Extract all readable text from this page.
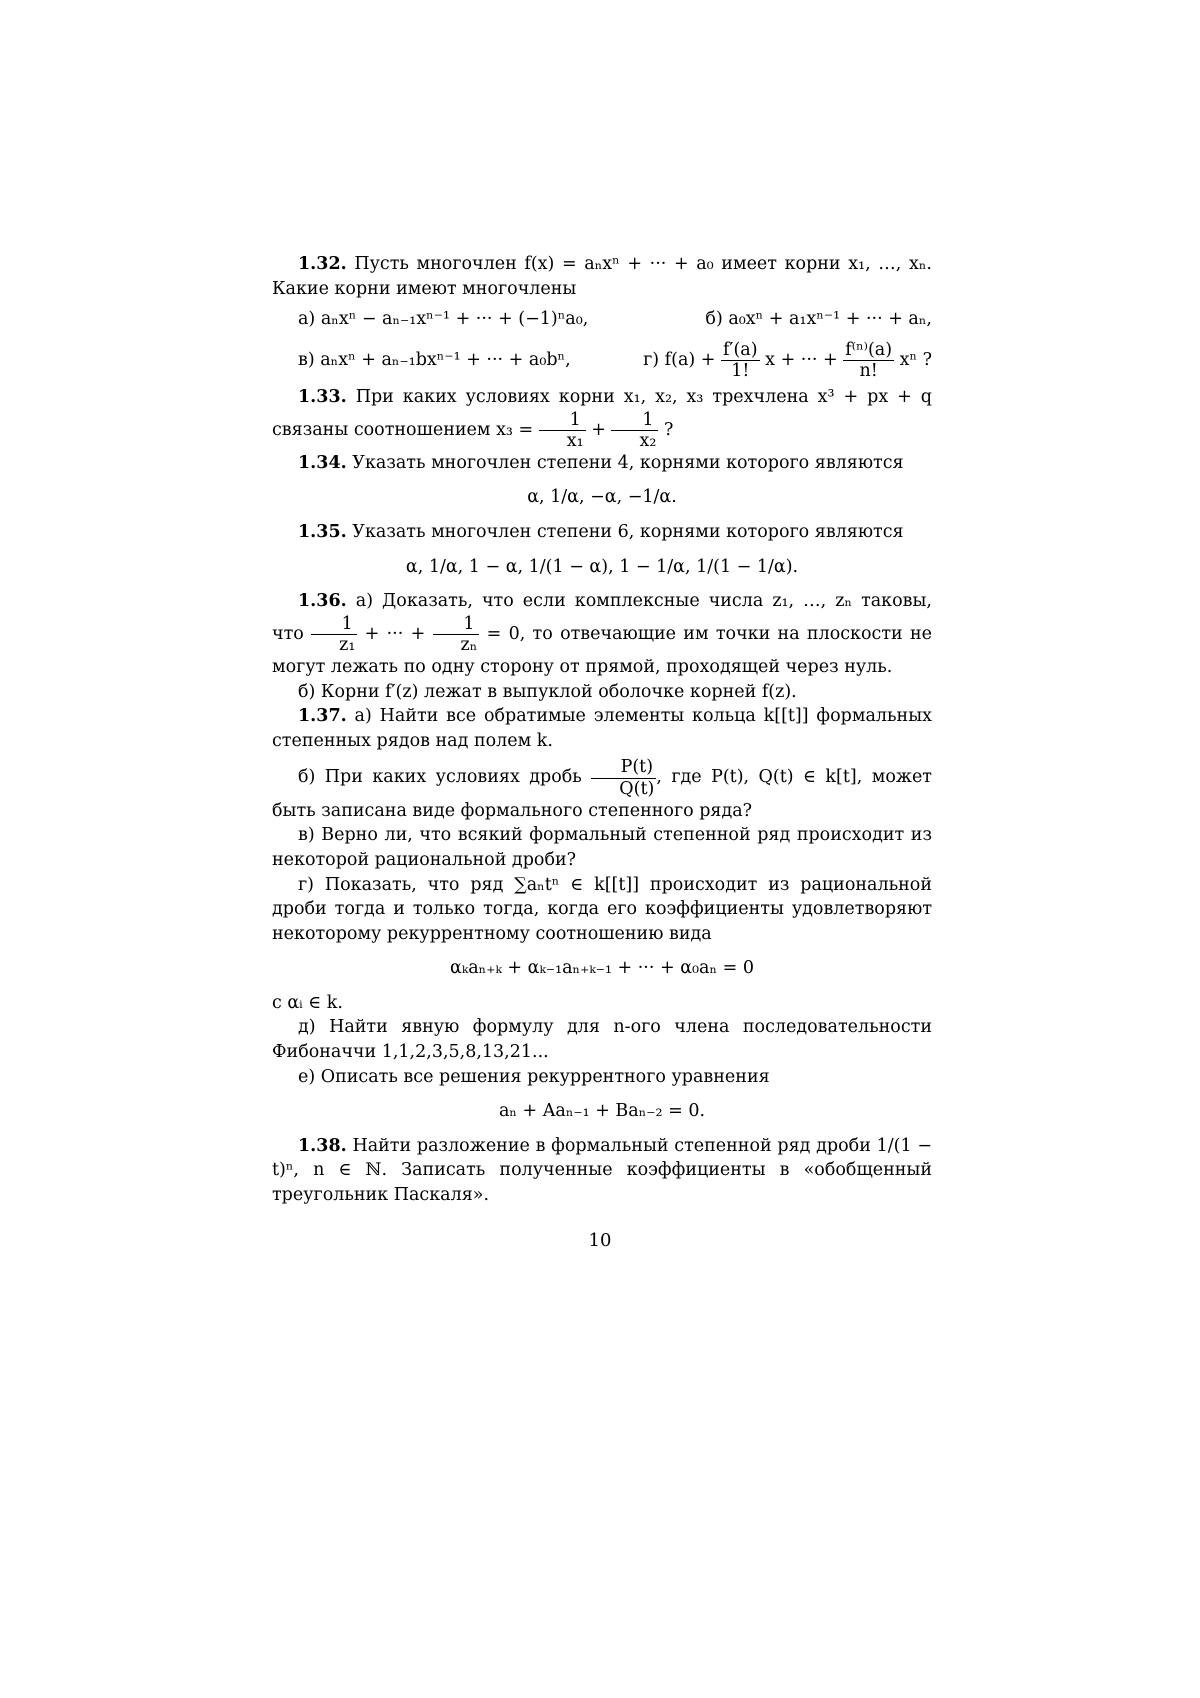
1.32. Пусть многочлен f(x) = aₙxⁿ + ··· + a₀ имеет корни x₁, …, xₙ. Какие корни имеют многочлены

а) aₙxⁿ − aₙ₋₁xⁿ⁻¹ + ··· + (−1)ⁿa₀,	б) a₀xⁿ + a₁xⁿ⁻¹ + ··· + aₙ,
в) aₙxⁿ + aₙ₋₁bxⁿ⁻¹ + ··· + a₀bⁿ,	г) $f(a) + \frac{f'(a)}{1!}$ x + ··· + $\frac{\text{f⁽ⁿ⁾(a)}}{n!}$ xⁿ ?

1.33. При каких условиях корни x₁, x₂, x₃ трехчлена x³ + px + q связаны соотношением $x_3 = \frac{1}{\text{x₁}} + \frac{1}{\text{x₂}}$ ?

1.34. Указать многочлен степени 4, корнями которого являются

α, 1/α, −α, −1/α.

1.35. Указать многочлен степени 6, корнями которого являются

α, 1/α, 1 − α, 1/(1 − α), 1 − 1/α, 1/(1 − 1/α).

1.36. а) Доказать, что если комплексные числа z₁, …, zₙ таковы, что $\frac{1}{\text{z₁}}$ + ··· + $\frac{1}{\text{zₙ}} = 0$, то отвечающие им точки на плоскости не могут лежать по одну сторону от прямой, проходящей через нуль.

б) Корни f′(z) лежат в выпуклой оболочке корней f(z).

1.37. а) Найти все обратимые элементы кольца k[[t]] формальных степенных рядов над полем k.

б) При каких условиях дробь $\frac{P(t)}{Q(t)}$ , где P(t), Q(t) ∈ k[t], может быть записана виде формального степенного ряда?

в) Верно ли, что всякий формальный степенной ряд происходит из некоторой рациональной дроби?

г) Показать, что ряд ∑aₙtⁿ ∈ k[[t]] происходит из рациональной дроби тогда и только тогда, когда его коэффициенты удовлетворяют некоторому рекуррентному соотношению вида

αₖaₙ₊ₖ + αₖ₋₁aₙ₊ₖ₋₁ + ··· + α₀aₙ = 0

с αᵢ ∈ k.

д) Найти явную формулу для n-ого члена последовательности Фибоначчи 1,1,2,3,5,8,13,21...

е) Описать все решения рекуррентного уравнения

aₙ + Aaₙ₋₁ + Baₙ₋₂ = 0.

1.38. Найти разложение в формальный степенной ряд дроби 1/(1 − t)ⁿ, n ∈ ℕ. Записать полученные коэффициенты в «обобщенный треугольник Паскаля».

10
